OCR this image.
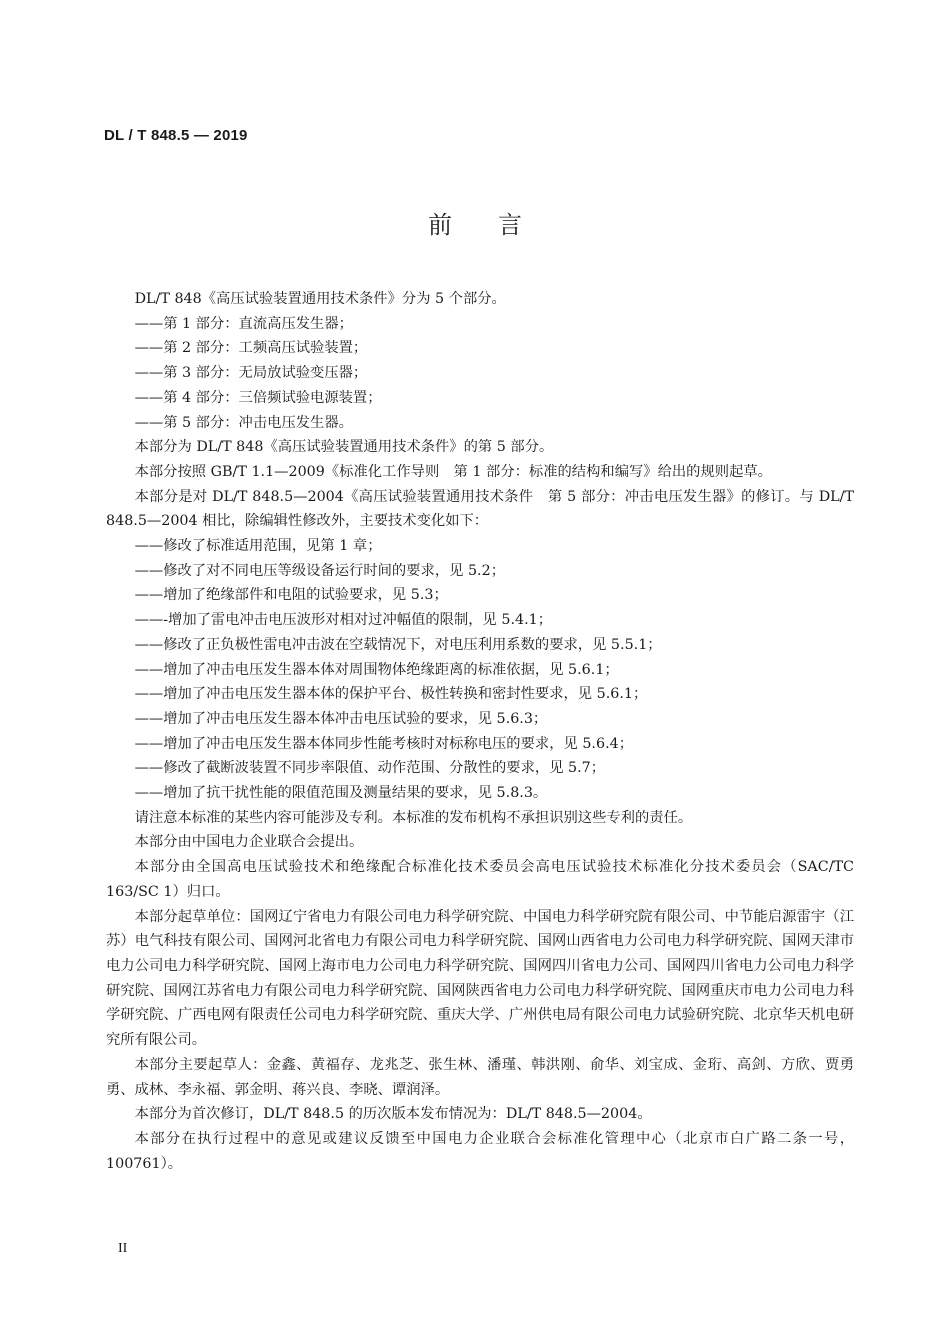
DL / T 848.5 — 2019
前言

DL/T 848《高压试验装置通用技术条件》分为 5 个部分。

——第 1 部分：直流高压发生器；

——第 2 部分：工频高压试验装置；

——第 3 部分：无局放试验变压器；

——第 4 部分：三倍频试验电源装置；

——第 5 部分：冲击电压发生器。

本部分为 DL/T 848《高压试验装置通用技术条件》的第 5 部分。

本部分按照 GB/T 1.1—2009《标准化工作导则　第 1 部分：标准的结构和编写》给出的规则起草。

本部分是对 DL/T 848.5—2004《高压试验装置通用技术条件　第 5 部分：冲击电压发生器》的修订。与 DL/T 848.5—2004 相比，除编辑性修改外，主要技术变化如下：

——修改了标准适用范围，见第 1 章；

——修改了对不同电压等级设备运行时间的要求，见 5.2；

——增加了绝缘部件和电阻的试验要求，见 5.3；

——-增加了雷电冲击电压波形对相对过冲幅值的限制，见 5.4.1；

——修改了正负极性雷电冲击波在空载情况下，对电压利用系数的要求，见 5.5.1；

——增加了冲击电压发生器本体对周围物体绝缘距离的标准依据，见 5.6.1；

——增加了冲击电压发生器本体的保护平台、极性转换和密封性要求，见 5.6.1；

——增加了冲击电压发生器本体冲击电压试验的要求，见 5.6.3；

——增加了冲击电压发生器本体同步性能考核时对标称电压的要求，见 5.6.4；

——修改了截断波装置不同步率限值、动作范围、分散性的要求，见 5.7；

——增加了抗干扰性能的限值范围及测量结果的要求，见 5.8.3。

请注意本标准的某些内容可能涉及专利。本标准的发布机构不承担识别这些专利的责任。

本部分由中国电力企业联合会提出。

本部分由全国高电压试验技术和绝缘配合标准化技术委员会高电压试验技术标准化分技术委员会（SAC/TC 163/SC 1）归口。

本部分起草单位：国网辽宁省电力有限公司电力科学研究院、中国电力科学研究院有限公司、中节能启源雷宇（江苏）电气科技有限公司、国网河北省电力有限公司电力科学研究院、国网山西省电力公司电力科学研究院、国网天津市电力公司电力科学研究院、国网上海市电力公司电力科学研究院、国网四川省电力公司、国网四川省电力公司电力科学研究院、国网江苏省电力有限公司电力科学研究院、国网陕西省电力公司电力科学研究院、国网重庆市电力公司电力科学研究院、广西电网有限责任公司电力科学研究院、重庆大学、广州供电局有限公司电力试验研究院、北京华天机电研究所有限公司。

本部分主要起草人：金鑫、黄福存、龙兆芝、张生林、潘瑾、韩洪刚、俞华、刘宝成、金珩、高剑、方欣、贾勇勇、成林、李永福、郭金明、蒋兴良、李晓、谭润泽。

本部分为首次修订，DL/T 848.5 的历次版本发布情况为：DL/T 848.5—2004。

本部分在执行过程中的意见或建议反馈至中国电力企业联合会标准化管理中心（北京市白广路二条一号，100761）。

II
